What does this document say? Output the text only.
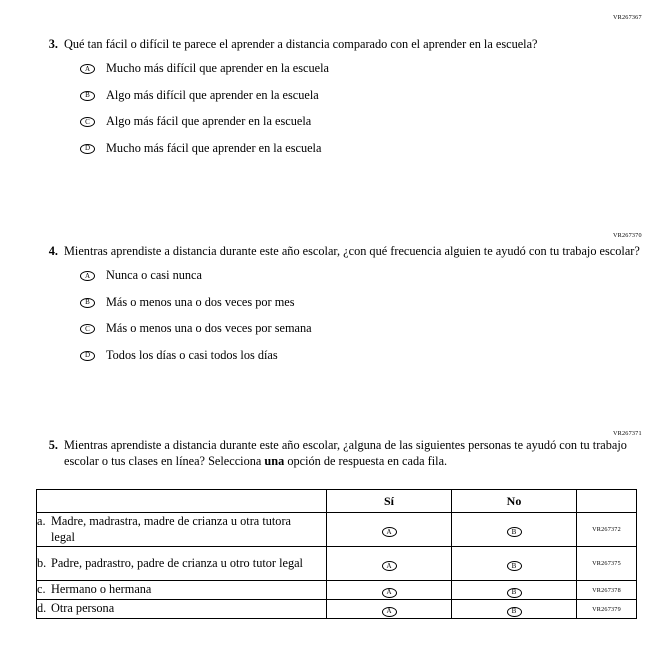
VR267367
3. Qué tan fácil o difícil te parece el aprender a distancia comparado con el aprender en la escuela?
A	Mucho más difícil que aprender en la escuela
B	Algo más difícil que aprender en la escuela
C	Algo más fácil que aprender en la escuela
D	Mucho más fácil que aprender en la escuela
VR267370
4. Mientras aprendiste a distancia durante este año escolar, ¿con qué frecuencia alguien te ayudó con tu trabajo escolar?
A	Nunca o casi nunca
B	Más o menos una o dos veces por mes
C	Más o menos una o dos veces por semana
D	Todos los días o casi todos los días
VR267371
5. Mientras aprendiste a distancia durante este año escolar, ¿alguna de las siguientes personas te ayudó con tu trabajo escolar o tus clases en línea? Selecciona una opción de respuesta en cada fila.
	Sí	No	
a. Madre, madrastra, madre de crianza u otra tutora legal	A	B	VR267372
b. Padre, padrastro, padre de crianza u otro tutor legal	A	B	VR267375
c. Hermano o hermana	A	B	VR267378
d. Otra persona	A	B	VR267379
